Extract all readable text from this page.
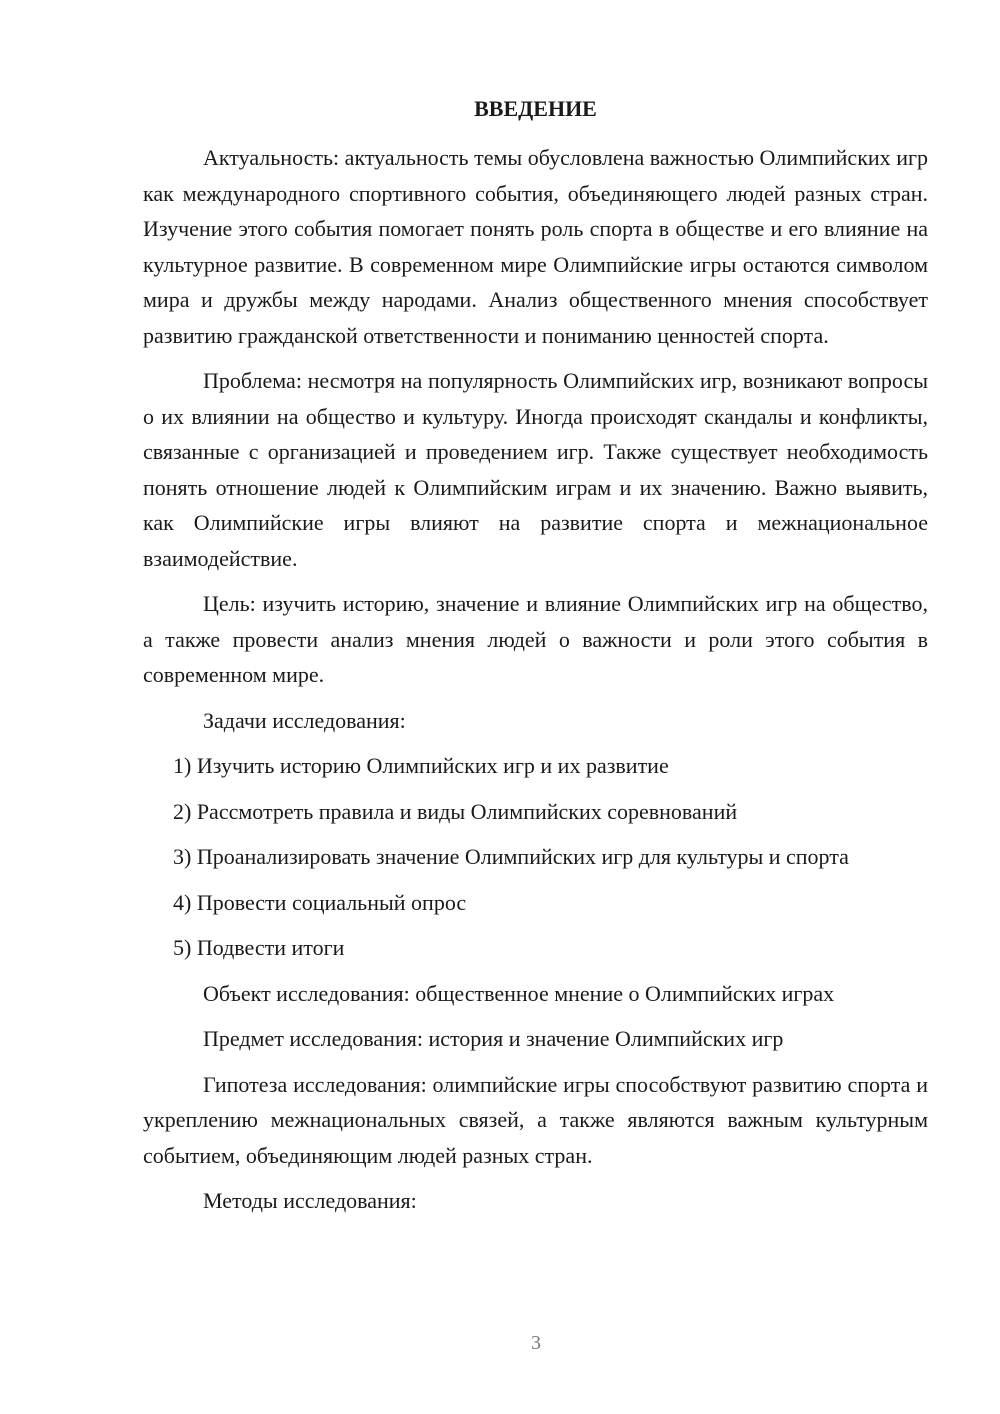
ВВЕДЕНИЕ

Актуальность: актуальность темы обусловлена важностью Олимпийских игр как международного спортивного события, объединяющего людей разных стран. Изучение этого события помогает понять роль спорта в обществе и его влияние на культурное развитие. В современном мире Олимпийские игры остаются символом мира и дружбы между народами. Анализ общественного мнения способствует развитию гражданской ответственности и пониманию ценностей спорта.

Проблема: несмотря на популярность Олимпийских игр, возникают вопросы о их влиянии на общество и культуру. Иногда происходят скандалы и конфликты, связанные с организацией и проведением игр. Также существует необходимость понять отношение людей к Олимпийским играм и их значению. Важно выявить, как Олимпийские игры влияют на развитие спорта и межнациональное взаимодействие.

Цель: изучить историю, значение и влияние Олимпийских игр на общество, а также провести анализ мнения людей о важности и роли этого события в современном мире.

Задачи исследования:

1) Изучить историю Олимпийских игр и их развитие

2) Рассмотреть правила и виды Олимпийских соревнований

3) Проанализировать значение Олимпийских игр для культуры и спорта

4) Провести социальный опрос

5) Подвести итоги

Объект исследования: общественное мнение о Олимпийских играх

Предмет исследования: история и значение Олимпийских игр

Гипотеза исследования: олимпийские игры способствуют развитию спорта и укреплению межнациональных связей, а также являются важным культурным событием, объединяющим людей разных стран.

Методы исследования:

3
